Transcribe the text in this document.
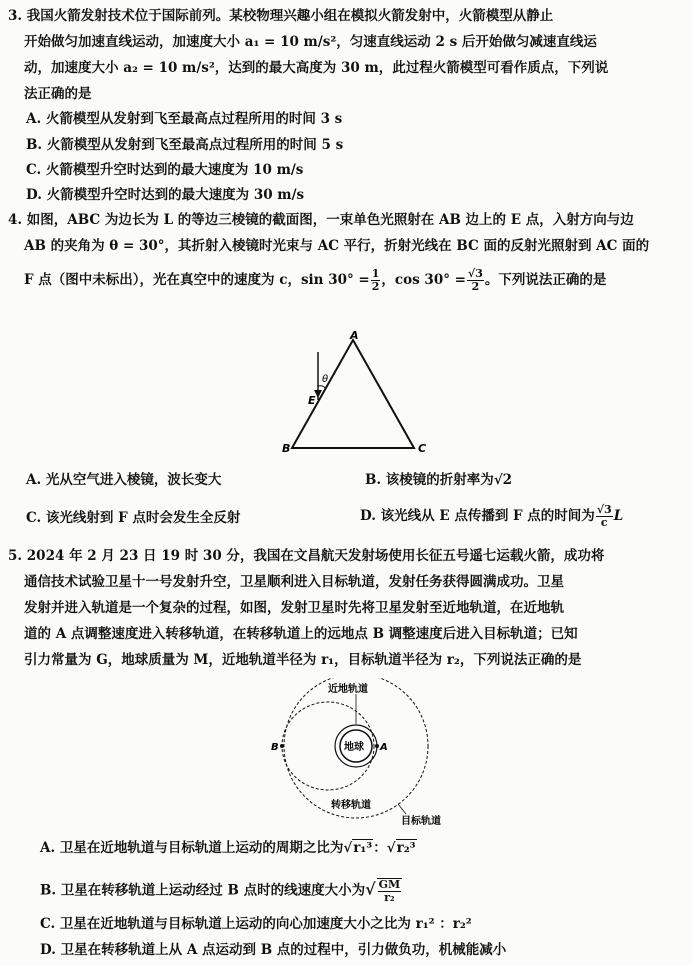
3. 我国火箭发射技术位于国际前列。某校物理兴趣小组在模拟火箭发射中，火箭模型从静止
开始做匀加速直线运动，加速度大小 a₁ = 10 m/s²，匀速直线运动 2 s 后开始做匀减速直线运
动，加速度大小 a₂ = 10 m/s²，达到的最大高度为 30 m，此过程火箭模型可看作质点，下列说
法正确的是
A. 火箭模型从发射到飞至最高点过程所用的时间 3 s
B. 火箭模型从发射到飞至最高点过程所用的时间 5 s
C. 火箭模型升空时达到的最大速度为 10 m/s
D. 火箭模型升空时达到的最大速度为 30 m/s
4. 如图，ABC 为边长为 L 的等边三棱镜的截面图，一束单色光照射在 AB 边上的 E 点，入射方向与边
AB 的夹角为 θ = 30°，其折射入棱镜时光束与 AC 平行，折射光线在 BC 面的反射光照射到 AC 面的
F 点（图中未标出），光在真空中的速度为 c，$\sin 30^\circ = \frac{1}{2}$ ，$\cos 30^\circ = \frac{√3}{2}$ 。下列说法正确的是
A
B	C
E
θ
A. 光从空气进入棱镜，波长变大	B. 该棱镜的折射率为√2
C. 该光线射到 F 点时会发生全反射	D. 该光线从 E 点传播到 F 点的时间为 $\frac{√3}{c}$ L
5. 2024 年 2 月 23 日 19 时 30 分，我国在文昌航天发射场使用长征五号遥七运载火箭，成功将
通信技术试验卫星十一号发射升空，卫星顺利进入目标轨道，发射任务获得圆满成功。卫星
发射并进入轨道是一个复杂的过程，如图，发射卫星时先将卫星发射至近地轨道，在近地轨
道的 A 点调整速度进入转移轨道，在转移轨道上的远地点 B 调整速度后进入目标轨道；已知
引力常量为 G，地球质量为 M，近地轨道半径为 r₁，目标轨道半径为 r₂，下列说法正确的是
地球
近地轨道
转移轨道
目标轨道
A
B
A. 卫星在近地轨道与目标轨道上运动的周期之比为√r₁³：√r₂³
B. 卫星在转移轨道上运动经过 B 点时的线速度大小为√ $\frac{GM}{\text{r₂}}$
C. 卫星在近地轨道与目标轨道上运动的向心加速度大小之比为 r₁² ：r₂²
D. 卫星在转移轨道上从 A 点运动到 B 点的过程中，引力做负功，机械能减小
